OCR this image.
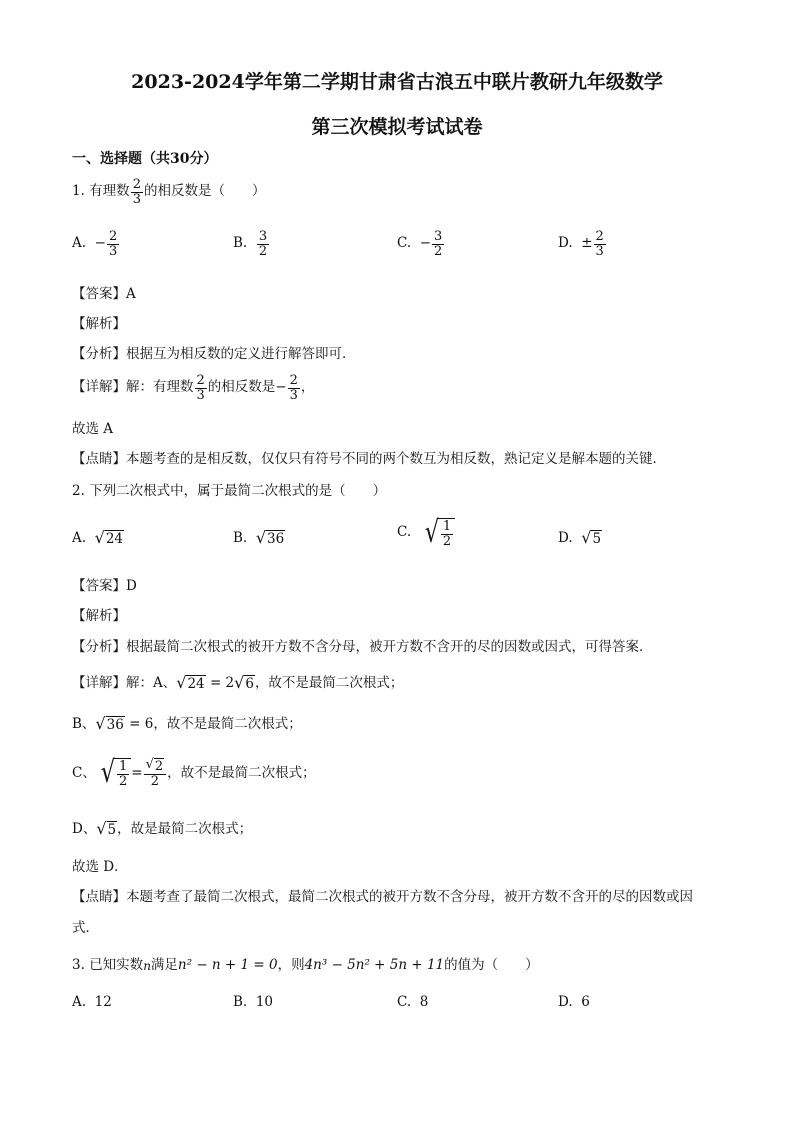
2023-2024学年第二学期甘肃省古浪五中联片教研九年级数学
第三次模拟考试试卷
一、选择题（共30分）
1.
有理数 $\frac{2}{3}$ 的相反数是（　　）
A.
− $\frac{2}{3}$	B.
$\frac{3}{2}$	C.
− $\frac{3}{2}$	D.
± $\frac{2}{3}$
【答案】A
【解析】
【分析】根据互为相反数的定义进行解答即可．
【详解】 解：有理数 $\frac{2}{3}$ 的相反数是 − $\frac{2}{3}$ ，
故选 A
【点睛】本题考查的是相反数，仅仅只有符号不同的两个数互为相反数，熟记定义是解本题的关键．
2. 下列二次根式中，属于最简二次根式的是（　　）
A.
√ 24	B.
√ 36	C.
√ $\frac{1}{2}$	D.
√ 5
【答案】D
【解析】
【分析】根据最简二次根式的被开方数不含分母，被开方数不含开的尽的因数或因式，可得答案．
【详解】 解：A、 √ 24
= 2 √ 6 ，故不是最简二次根式；
B、 √ 36
= 6 ，故不是最简二次根式；
C、 √ $\frac{1}{2} = \frac{√ 2}{2}$ ，故不是最简二次根式；
D、 √ 5 ，故是最简二次根式；
故选 D．
【点睛】本题考查了最简二次根式，最简二次根式的被开方数不含分母，被开方数不含开的尽的因数或因
式．
3.
已知实数 n 满足 n² − n + 1 = 0 ，则 4n³ − 5n² + 5n + 11 的值为（　　）
A. 12	B. 10	C. 8	D. 6
